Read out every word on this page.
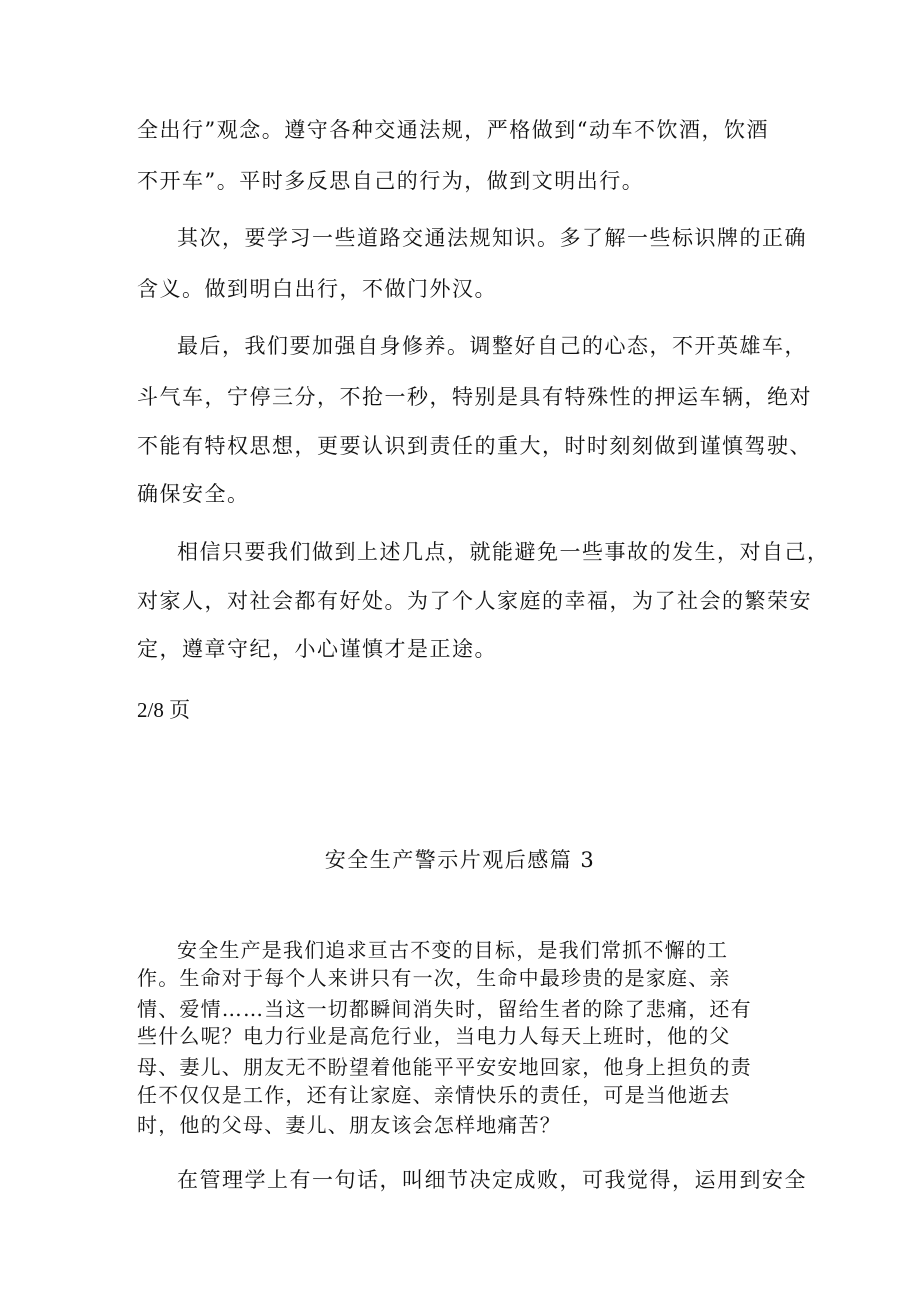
全出行”观念。遵守各种交通法规，严格做到“动车不饮酒，饮酒
不开车”。平时多反思自己的行为，做到文明出行。
其次，要学习一些道路交通法规知识。多了解一些标识牌的正确
含义。做到明白出行，不做门外汉。
最后，我们要加强自身修养。调整好自己的心态，不开英雄车，
斗气车，宁停三分，不抢一秒，特别是具有特殊性的押运车辆，绝对
不能有特权思想，更要认识到责任的重大，时时刻刻做到谨慎驾驶、
确保安全。
相信只要我们做到上述几点，就能避免一些事故的发生，对自己，
对家人，对社会都有好处。为了个人家庭的幸福，为了社会的繁荣安
定，遵章守纪，小心谨慎才是正途。
2/8 页
安全生产警示片观后感篇 3
安全生产是我们追求亘古不变的目标，是我们常抓不懈的工
作。生命对于每个人来讲只有一次，生命中最珍贵的是家庭、亲
情、爱情……当这一切都瞬间消失时，留给生者的除了悲痛，还有
些什么呢？电力行业是高危行业，当电力人每天上班时，他的父
母、妻儿、朋友无不盼望着他能平平安安地回家，他身上担负的责
任不仅仅是工作，还有让家庭、亲情快乐的责任，可是当他逝去
时，他的父母、妻儿、朋友该会怎样地痛苦？
在管理学上有一句话，叫细节决定成败，可我觉得，运用到安全
